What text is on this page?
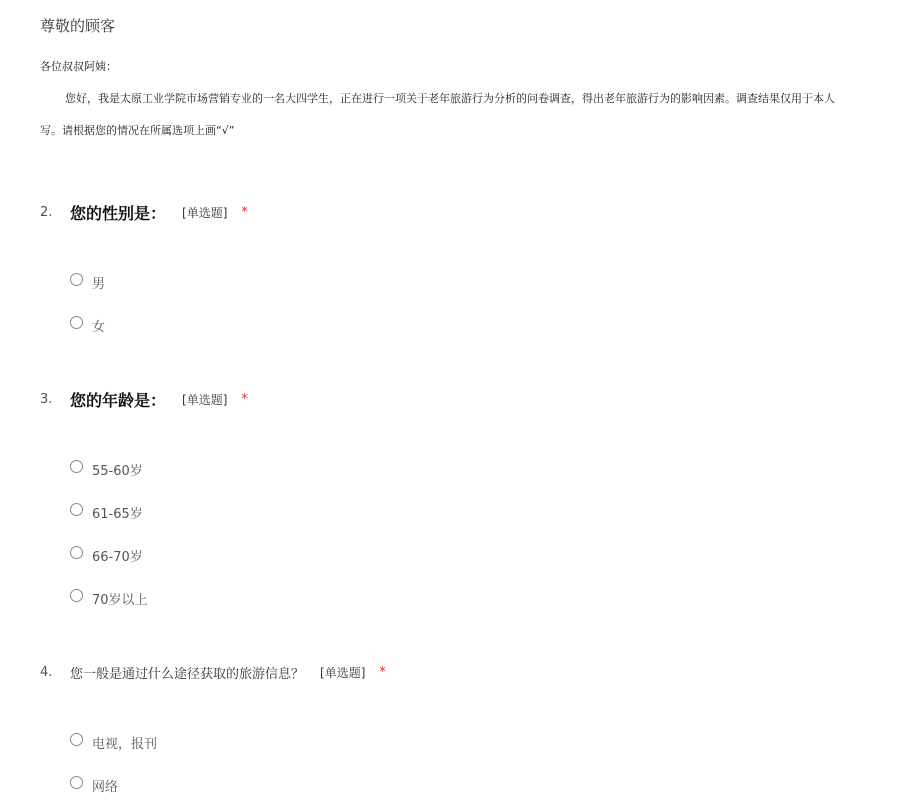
尊敬的顾客
各位叔叔阿姨：
您好，我是太原工业学院市场营销专业的一名大四学生，正在进行一项关于老年旅游行为分析的问卷调查，得出老年旅游行为的影响因素。调查结果仅用于本人
写。请根据您的情况在所属选项上画“√”
2.	您的性别是： [单选题] *
男
女
3.	您的年龄是： [单选题] *
55-60岁
61-65岁
66-70岁
70岁以上
4.	您一般是通过什么途径获取的旅游信息？ [单选题] *
电视，报刊
网络
